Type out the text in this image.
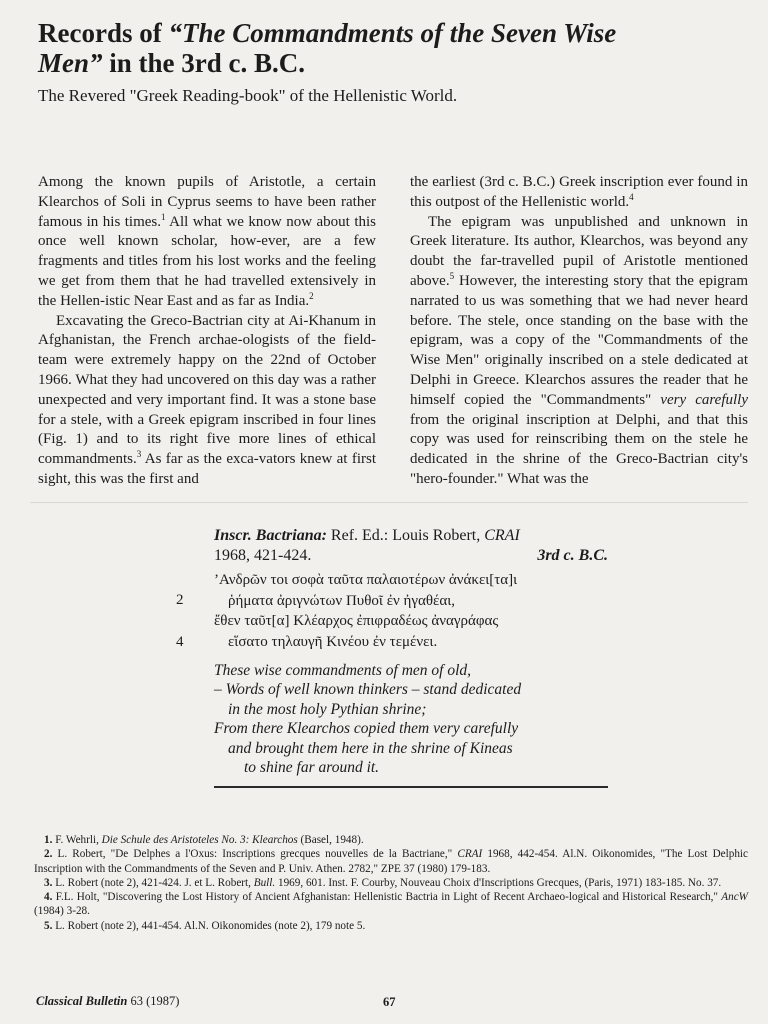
Records of “The Commandments of the Seven Wise Men” in the 3rd c. B.C.

The Revered "Greek Reading-book" of the Hellenistic World.

Among the known pupils of Aristotle, a certain Klearchos of Soli in Cyprus seems to have been rather famous in his times.$^1$ All what we know now about this once well known scholar, how-ever, are a few fragments and titles from his lost works and the feeling we get from them that he had travelled extensively in the Hellen-istic Near East and as far as India.$^2$

Excavating the Greco-Bactrian city at Ai-Khanum in Afghanistan, the French archae-ologists of the field-team were extremely happy on the 22nd of October 1966. What they had uncovered on this day was a rather unexpected and very important find. It was a stone base for a stele, with a Greek epigram inscribed in four lines (Fig. 1) and to its right five more lines of ethical commandments.$^3$ As far as the exca-vators knew at first sight, this was the first and

the earliest (3rd c. B.C.) Greek inscription ever found in this outpost of the Hellenistic world.$^4$

The epigram was unpublished and unknown in Greek literature. Its author, Klearchos, was beyond any doubt the far-travelled pupil of Aristotle mentioned above.$^5$ However, the interesting story that the epigram narrated to us was something that we had never heard before. The stele, once standing on the base with the epigram, was a copy of the "Commandments of the Wise Men" originally inscribed on a stele dedicated at Delphi in Greece. Klearchos assures the reader that he himself copied the "Commandments" very carefully from the original inscription at Delphi, and that this copy was used for reinscribing them on the stele he dedicated in the shrine of the Greco-Bactrian city's "hero-founder." What was the

Inscr. Bactriana: Ref. Ed.: Louis Robert, CRAI
1968, 421-424.	3rd c. B.C.
’Ανδρῶν τοι σοφὰ ταῦτα παλαιοτέρων ἀνάκει[τα]ι
2	ῥήματα ἀριγνώτων Πυθοῖ ἐν ἠγαθέαι,
ἔθεν ταῦτ[α] Κλέαρχος ἐπιφραδέως ἀναγράφας
4	εἵσατο τηλαυγῆ Κινέου ἐν τεμένει.
These wise commandments of men of old,
– Words of well known thinkers – stand dedicated
in the most holy Pythian shrine;
From there Klearchos copied them very carefully
and brought them here in the shrine of Kineas
to shine far around it.

1. F. Wehrli, Die Schule des Aristoteles No. 3: Klearchos (Basel, 1948).

2. L. Robert, "De Delphes a l'Oxus: Inscriptions grecques nouvelles de la Bactriane," CRAI 1968, 442-454. Al.N. Oikonomides, "The Lost Delphic Inscription with the Commandments of the Seven and P. Univ. Athen. 2782," ZPE 37 (1980) 179-183.

3. L. Robert (note 2), 421-424. J. et L. Robert, Bull. 1969, 601. Inst. F. Courby, Nouveau Choix d'Inscriptions Grecques, (Paris, 1971) 183-185. No. 37.

4. F.L. Holt, "Discovering the Lost History of Ancient Afghanistan: Hellenistic Bactria in Light of Recent Archaeo-logical and Historical Research," AncW (1984) 3-28.

5. L. Robert (note 2), 441-454. Al.N. Oikonomides (note 2), 179 note 5.

Classical Bulletin 63 (1987)	67
